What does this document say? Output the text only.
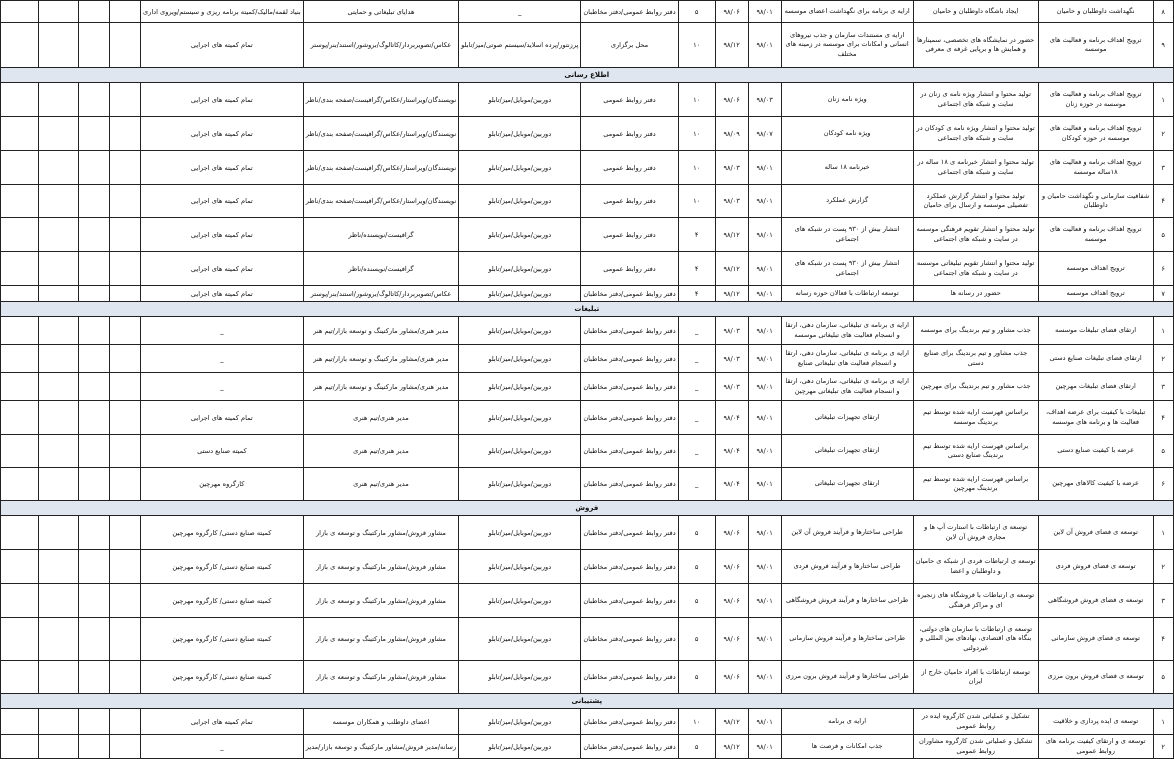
۸	نگهداشت داوطلبان و حامیان	ایجاد باشگاه داوطلبان و حامیان	ارایه ی برنامه برای نگهداشت اعضای موسسه	۹۸/۰۱	۹۸/۰۶	۵	دفتر روابط عمومی/دفتر مخاطبان	_	هدایای تبلیغاتی و حمایتی	بنیاد لقمه/مالیک/کمیته برنامه ریزی و سیستم/ویروی اداری				
۹	ترویج اهداف برنامه و فعالیت های موسسه	حضور در نمایشگاه های تخصصی، سمینارها و همایش ها و برپایی غرفه ی معرفی	ارایه ی مستندات سازمان و جذب نیروهای انسانی و امکانات برای موسسه در زمینه های مختلف	۹۸/۰۱	۹۸/۱۲	۱۰	محل برگزاری	پرزنتور/پرده اسلاید/سیستم صوتی/میز/تابلو	عکاس/تصویربردار/کاتالوگ/بروشور/استند/بنر/پوستر	تمام کمیته های اجرایی				
اطلاع رسانی														
۱	ترویج اهداف برنامه و فعالیت های موسسه در حوزه زنان	تولید محتوا و انتشار ویژه نامه ی زنان در سایت و شبکه های اجتماعی	ویژه نامه زنان	۹۸/۰۳	۹۸/۰۶	۱۰	دفتر روابط عمومی	دوربین/موبایل/میز/تابلو	نویسندگان/ویراستار/عکاس/گرافیست/صفحه بندی/ناظر	تمام کمیته های اجرایی				
۲	ترویج اهداف برنامه و فعالیت های موسسه در حوزه کودکان	تولید محتوا و انتشار ویژه نامه ی کودکان در سایت و شبکه های اجتماعی	ویژه نامه کودکان	۹۸/۰۷	۹۸/۰۹	۱۰	دفتر روابط عمومی	دوربین/موبایل/میز/تابلو	نویسندگان/ویراستار/عکاس/گرافیست/صفحه بندی/ناظر	تمام کمیته های اجرایی				
۳	ترویج اهداف برنامه و فعالیت های ۱۸ساله موسسه	تولید محتوا و انتشار خبرنامه ی ۱۸ ساله در سایت و شبکه های اجتماعی	خبرنامه ۱۸ ساله	۹۸/۰۱	۹۸/۰۳	۱۰	دفتر روابط عمومی	دوربین/موبایل/میز/تابلو	نویسندگان/ویراستار/عکاس/گرافیست/صفحه بندی/ناظر	تمام کمیته های اجرایی				
۴	شفافیت سازمانی و نگهداشت حامیان و داوطلبان	تولید محتوا و انتشار گزارش عملکرد تفصیلی موسسه و ارسال برای حامیان	گزارش عملکرد	۹۸/۰۱	۹۸/۰۳	۱۰	دفتر روابط عمومی	دوربین/موبایل/میز/تابلو	نویسندگان/ویراستار/عکاس/گرافیست/صفحه بندی/ناظر	تمام کمیته های اجرایی				
۵	ترویج اهداف برنامه و فعالیت های موسسه	تولید محتوا و انتشار تقویم فرهنگی موسسه در سایت و شبکه های اجتماعی	انتشار بیش از ۹۳۰ پست در شبکه های اجتماعی	۹۸/۰۱	۹۸/۱۲	۴	دفتر روابط عمومی	دوربین/موبایل/میز/تابلو	گرافیست/نویسنده/ناظر	تمام کمیته های اجرایی				
۶	ترویج اهداف موسسه	تولید محتوا و انتشار تقویم تبلیغاتی موسسه در سایت و شبکه های اجتماعی	انتشار بیش از ۹۳۰ پست در شبکه های اجتماعی	۹۸/۰۱	۹۸/۱۲	۴	دفتر روابط عمومی	دوربین/موبایل/میز/تابلو	گرافیست/نویسنده/ناظر	تمام کمیته های اجرایی				
۷	ترویج اهداف موسسه	حضور در رسانه ها	توسعه ارتباطات با فعالان حوزه رسانه	۹۸/۰۱	۹۸/۱۲	۴	دفتر روابط عمومی/دفتر مخاطبان	دوربین/موبایل/میز/تابلو	عکاس/تصویربردار/کاتالوگ/بروشور/استند/بنر/پوستر	تمام کمیته های اجرایی				
تبلیغات														
۱	ارتقای فضای تبلیغات موسسه	جذب مشاور و تیم برندینگ برای موسسه	ارایه ی برنامه ی تبلیغاتی، سازمان دهی، ارتقا و انسجام فعالیت های تبلیغاتی موسسه	۹۸/۰۱	۹۸/۰۳	_	دفتر روابط عمومی/دفتر مخاطبان	دوربین/موبایل/میز/تابلو	مدیر هنری/مشاور مارکتینگ و توسعه بازار/تیم هنر	_				
۲	ارتقای فضای تبلیغات صنایع دستی	جذب مشاور و تیم برندینگ برای صنایع دستی	ارایه ی برنامه ی تبلیغاتی، سازمان دهی، ارتقا و انسجام فعالیت های تبلیغاتی صنایع	۹۸/۰۱	۹۸/۰۳	_	دفتر روابط عمومی/دفتر مخاطبان	دوربین/موبایل/میز/تابلو	مدیر هنری/مشاور مارکتینگ و توسعه بازار/تیم هنر	_				
۳	ارتقای فضای تبلیغات مهرچین	جذب مشاور و تیم برندینگ برای مهرچین	ارایه ی برنامه ی تبلیغاتی، سازمان دهی، ارتقا و انسجام فعالیت های تبلیغاتی مهرچین	۹۸/۰۱	۹۸/۰۳	_	دفتر روابط عمومی/دفتر مخاطبان	دوربین/موبایل/میز/تابلو	مدیر هنری/مشاور مارکتینگ و توسعه بازار/تیم هنر	_				
۴	تبلیغات با کیفیت برای عرضه اهداف، فعالیت ها و برنامه های موسسه	براساس فهرست ارایه شده توسط تیم برندینگ موسسه	ارتقای تجهیزات تبلیغاتی	۹۸/۰۱	۹۸/۰۴	_	دفتر روابط عمومی/دفتر مخاطبان	دوربین/موبایل/میز/تابلو	مدیر هنری/تیم هنری	تمام کمیته های اجرایی				
۵	عرضه با کیفیت صنایع دستی	براساس فهرست ارایه شده توسط تیم برندینگ صنایع دستی	ارتقای تجهیزات تبلیغاتی	۹۸/۰۱	۹۸/۰۴	_	دفتر روابط عمومی/دفتر مخاطبان	دوربین/موبایل/میز/تابلو	مدیر هنری/تیم هنری	کمیته صنایع دستی				
۶	عرضه با کیفیت کالاهای مهرچین	براساس فهرست ارایه شده توسط تیم برندینگ مهرچین	ارتقای تجهیزات تبلیغاتی	۹۸/۰۱	۹۸/۰۴	_	دفتر روابط عمومی/دفتر مخاطبان	دوربین/موبایل/میز/تابلو	مدیر هنری/تیم هنری	کارگروه مهرچین				
فروش														
۱	توسعه ی فضای فروش آن لاین	توسعه ی ارتباطات با استارت آپ ها و مجاری فروش آن لاین	طراحی ساختارها و فرآیند فروش آن لاین	۹۸/۰۱	۹۸/۰۶	۵	دفتر روابط عمومی/دفتر مخاطبان	دوربین/موبایل/میز/تابلو	مشاور فروش/مشاور مارکتینگ و توسعه ی بازار	کمیته صنایع دستی/ کارگروه مهرچین				
۲	توسعه ی فضای فروش فردی	توسعه ی ارتباطات فردی از شبکه ی حامیان و داوطلبان و اعضا	طراحی ساختارها و فرآیند فروش فردی	۹۸/۰۱	۹۸/۰۶	۵	دفتر روابط عمومی/دفتر مخاطبان	دوربین/موبایل/میز/تابلو	مشاور فروش/مشاور مارکتینگ و توسعه ی بازار	کمیته صنایع دستی/ کارگروه مهرچین				
۳	توسعه ی فضای فروش فروشگاهی	توسعه ی ارتباطات با فروشگاه های زنجیره ای و مراکز فرهنگی	طراحی ساختارها و فرآیند فروش فروشگاهی	۹۸/۰۱	۹۸/۰۶	۵	دفتر روابط عمومی/دفتر مخاطبان	دوربین/موبایل/میز/تابلو	مشاور فروش/مشاور مارکتینگ و توسعه ی بازار	کمیته صنایع دستی/ کارگروه مهرچین				
۴	توسعه ی فضای فروش سازمانی	توسعه ی ارتباطات با سازمان های دولتی، بنگاه های اقتصادی، نهادهای بین المللی و غیردولتی	طراحی ساختارها و فرآیند فروش سازمانی	۹۸/۰۱	۹۸/۰۶	۵	دفتر روابط عمومی/دفتر مخاطبان	دوربین/موبایل/میز/تابلو	مشاور فروش/مشاور مارکتینگ و توسعه ی بازار	کمیته صنایع دستی/ کارگروه مهرچین				
۵	توسعه ی فضای فروش برون مرزی	توسعه ارتباطات با افراد حامیان خارج از ایران	طراحی ساختارها و فرآیند فروش برون مرزی	۹۸/۰۱	۹۸/۰۶	۵	دفتر روابط عمومی/دفتر مخاطبان	دوربین/موبایل/میز/تابلو	مشاور فروش/مشاور مارکتینگ و توسعه ی بازار	کمیته صنایع دستی/ کارگروه مهرچین				
پشتیبانی														
۱	توسعه ی ایده پردازی و خلاقیت	تشکیل و عملیاتی شدن کارگروه ایده در روابط عمومی	ارایه ی برنامه	۹۸/۰۱	۹۸/۱۲	۱۰	دفتر روابط عمومی/دفتر مخاطبان	دوربین/موبایل/میز/تابلو	اعضای داوطلب و همکاران موسسه	تمام کمیته های اجرایی				
۲	توسعه ی و ارتقای کیفیت برنامه های روابط عمومی	تشکیل و عملیاتی شدن کارگروه مشاوران روابط عمومی	جذب امکانات و فرصت ها	۹۸/۰۱	۹۸/۱۲	۵	دفتر روابط عمومی/دفتر مخاطبان	دوربین/موبایل/میز/تابلو	رسانه/مدیر فروش/مشاور مارکتینگ و توسعه بازار/مدیر	_				
